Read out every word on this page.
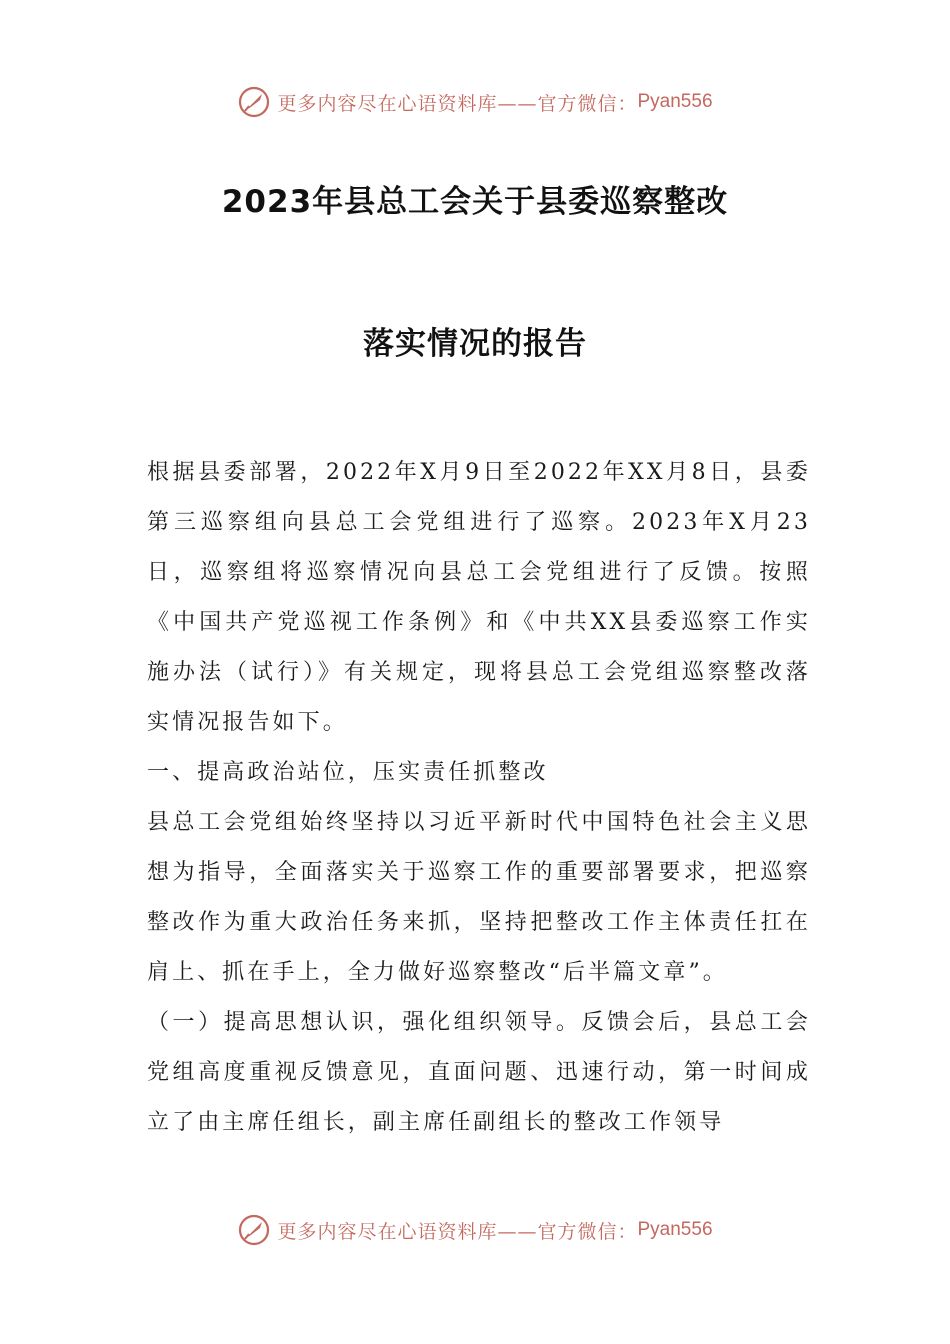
更多内容尽在心语资料库——官方微信： Pyan556
2023年县总工会关于县委巡察整改
落实情况的报告

根据县委部署，2022年X月9日至2022年XX月8日，县委第三巡察组向县总工会党组进行了巡察。2023年X月23日，巡察组将巡察情况向县总工会党组进行了反馈。按照《中国共产党巡视工作条例》和《中共XX县委巡察工作实施办法（试行）》有关规定，现将县总工会党组巡察整改落实情况报告如下。

一、提高政治站位，压实责任抓整改

县总工会党组始终坚持以习近平新时代中国特色社会主义思想为指导，全面落实关于巡察工作的重要部署要求，把巡察整改作为重大政治任务来抓，坚持把整改工作主体责任扛在肩上、抓在手上，全力做好巡察整改“后半篇文章”。

（一）提高思想认识，强化组织领导。反馈会后，县总工会党组高度重视反馈意见，直面问题、迅速行动，第一时间成立了由主席任组长，副主席任副组长的整改工作领导

更多内容尽在心语资料库——官方微信： Pyan556
